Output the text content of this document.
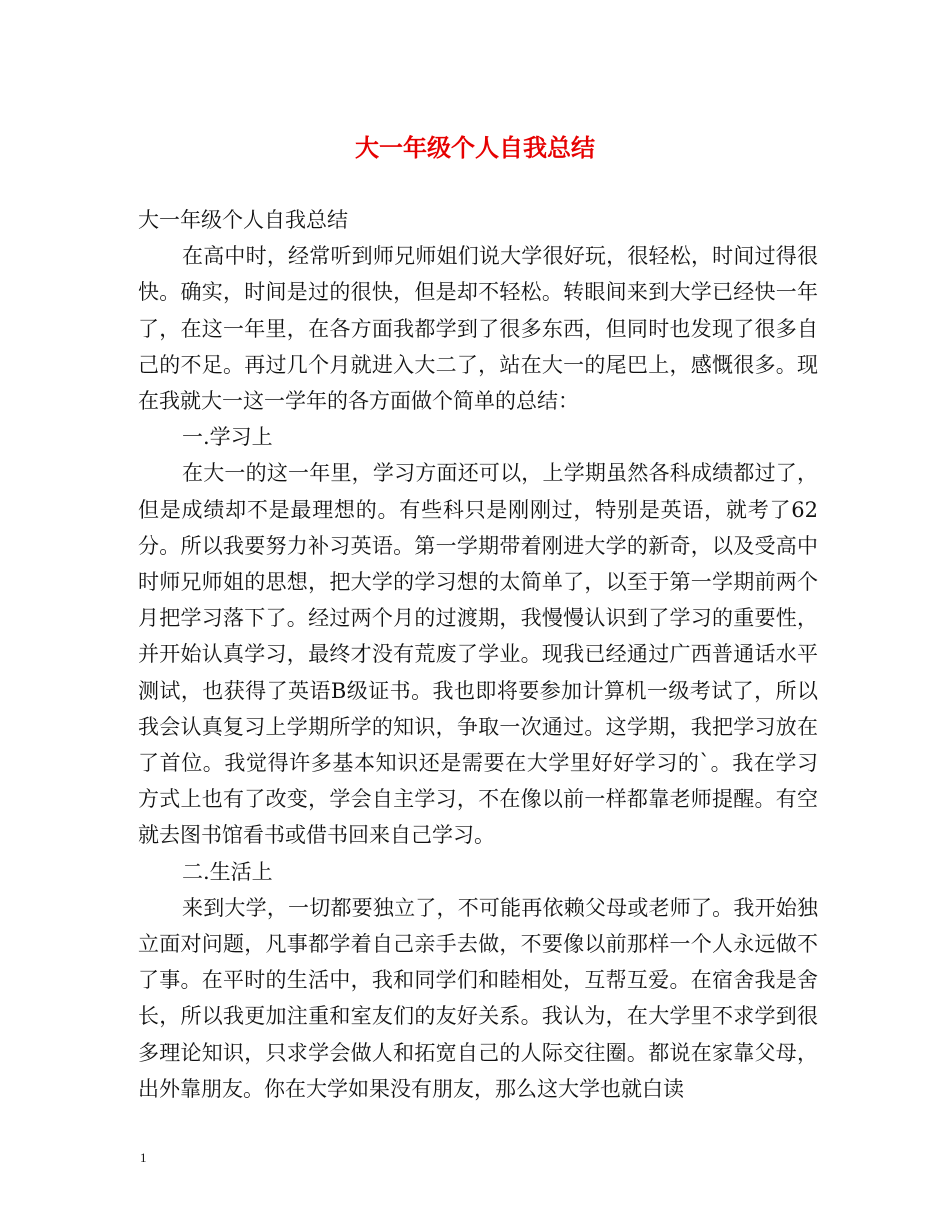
大一年级个人自我总结

大一年级个人自我总结

在高中时，经常听到师兄师姐们说大学很好玩，很轻松，时间过得很快。确实，时间是过的很快，但是却不轻松。转眼间来到大学已经快一年了，在这一年里，在各方面我都学到了很多东西，但同时也发现了很多自己的不足。再过几个月就进入大二了，站在大一的尾巴上，感慨很多。现在我就大一这一学年的各方面做个简单的总结：

一.学习上

在大一的这一年里，学习方面还可以，上学期虽然各科成绩都过了，但是成绩却不是最理想的。有些科只是刚刚过，特别是英语，就考了62分。所以我要努力补习英语。第一学期带着刚进大学的新奇，以及受高中时师兄师姐的思想，把大学的学习想的太简单了，以至于第一学期前两个月把学习落下了。经过两个月的过渡期，我慢慢认识到了学习的重要性，并开始认真学习，最终才没有荒废了学业。现我已经通过广西普通话水平测试，也获得了英语B级证书。我也即将要参加计算机一级考试了，所以我会认真复习上学期所学的知识，争取一次通过。这学期，我把学习放在了首位。我觉得许多基本知识还是需要在大学里好好学习的`。我在学习方式上也有了改变，学会自主学习，不在像以前一样都靠老师提醒。有空就去图书馆看书或借书回来自己学习。

二.生活上

来到大学，一切都要独立了，不可能再依赖父母或老师了。我开始独立面对问题，凡事都学着自己亲手去做，不要像以前那样一个人永远做不了事。在平时的生活中，我和同学们和睦相处，互帮互爱。在宿舍我是舍长，所以我更加注重和室友们的友好关系。我认为，在大学里不求学到很多理论知识，只求学会做人和拓宽自己的人际交往圈。都说在家靠父母，出外靠朋友。你在大学如果没有朋友，那么这大学也就白读

1
